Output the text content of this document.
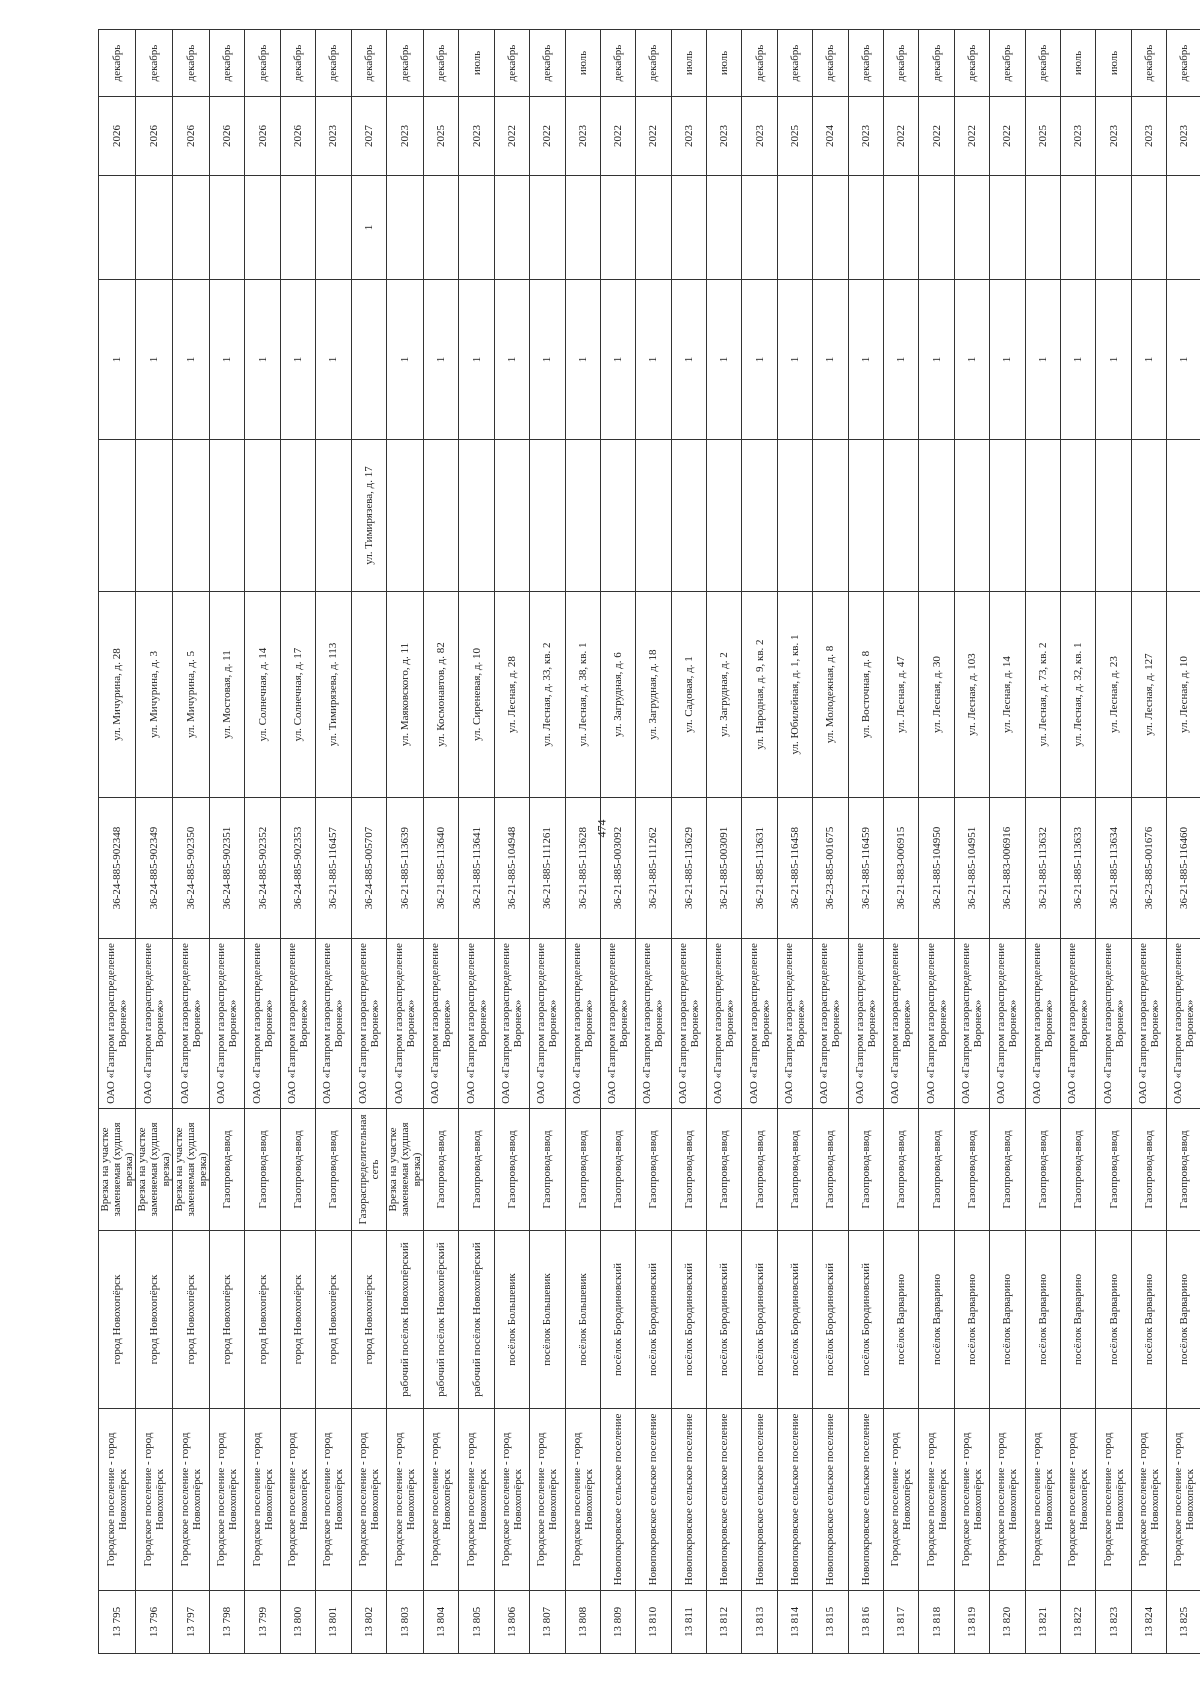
474
13 795	Городское поселение - город Новохопёрск	город Новохопёрск	Врезка на участке заменяемая (худшая врезка)	ОАО «Газпром газораспределение Воронеж»	36-24-885-902348	ул. Мичурина, д. 28		1		2026	декабрь
13 796	Городское поселение - город Новохопёрск	город Новохопёрск	Врезка на участке заменяемая (худшая врезка)	ОАО «Газпром газораспределение Воронеж»	36-24-885-902349	ул. Мичурина, д. 3		1		2026	декабрь
13 797	Городское поселение - город Новохопёрск	город Новохопёрск	Врезка на участке заменяемая (худшая врезка)	ОАО «Газпром газораспределение Воронеж»	36-24-885-902350	ул. Мичурина, д. 5		1		2026	декабрь
13 798	Городское поселение - город Новохопёрск	город Новохопёрск	Газопровод-ввод	ОАО «Газпром газораспределение Воронеж»	36-24-885-902351	ул. Мостовая, д. 11		1		2026	декабрь
13 799	Городское поселение - город Новохопёрск	город Новохопёрск	Газопровод-ввод	ОАО «Газпром газораспределение Воронеж»	36-24-885-902352	ул. Солнечная, д. 14		1		2026	декабрь
13 800	Городское поселение - город Новохопёрск	город Новохопёрск	Газопровод-ввод	ОАО «Газпром газораспределение Воронеж»	36-24-885-902353	ул. Солнечная, д. 17		1		2026	декабрь
13 801	Городское поселение - город Новохопёрск	город Новохопёрск	Газопровод-ввод	ОАО «Газпром газораспределение Воронеж»	36-21-885-116457	ул. Тимирязева, д. 113		1		2023	декабрь
13 802	Городское поселение - город Новохопёрск	город Новохопёрск	Газораспределительная сеть	ОАО «Газпром газораспределение Воронеж»	36-24-885-005707		ул. Тимирязева, д. 17		1	2027	декабрь
13 803	Городское поселение - город Новохопёрск	рабочий посёлок Новохопёрский	Врезка на участке заменяемая (худшая врезка)	ОАО «Газпром газораспределение Воронеж»	36-21-885-113639	ул. Маяковского, д. 11		1		2023	декабрь
13 804	Городское поселение - город Новохопёрск	рабочий посёлок Новохопёрский	Газопровод-ввод	ОАО «Газпром газораспределение Воронеж»	36-21-885-113640	ул. Космонавтов, д. 82		1		2025	декабрь
13 805	Городское поселение - город Новохопёрск	рабочий посёлок Новохопёрский	Газопровод-ввод	ОАО «Газпром газораспределение Воронеж»	36-21-885-113641	ул. Сиреневая, д. 10		1		2023	июль
13 806	Городское поселение - город Новохопёрск	посёлок Большевик	Газопровод-ввод	ОАО «Газпром газораспределение Воронеж»	36-21-885-104948	ул. Лесная, д. 28		1		2022	декабрь
13 807	Городское поселение - город Новохопёрск	посёлок Большевик	Газопровод-ввод	ОАО «Газпром газораспределение Воронеж»	36-21-885-111261	ул. Лесная, д. 33, кв. 2		1		2022	декабрь
13 808	Городское поселение - город Новохопёрск	посёлок Большевик	Газопровод-ввод	ОАО «Газпром газораспределение Воронеж»	36-21-885-113628	ул. Лесная, д. 38, кв. 1		1		2023	июль
13 809	Новопокровское сельское поселение	посёлок Бородиновский	Газопровод-ввод	ОАО «Газпром газораспределение Воронеж»	36-21-885-003092	ул. Загрудная, д. 6		1		2022	декабрь
13 810	Новопокровское сельское поселение	посёлок Бородиновский	Газопровод-ввод	ОАО «Газпром газораспределение Воронеж»	36-21-885-111262	ул. Загрудная, д. 18		1		2022	декабрь
13 811	Новопокровское сельское поселение	посёлок Бородиновский	Газопровод-ввод	ОАО «Газпром газораспределение Воронеж»	36-21-885-113629	ул. Садовая, д. 1		1		2023	июль
13 812	Новопокровское сельское поселение	посёлок Бородиновский	Газопровод-ввод	ОАО «Газпром газораспределение Воронеж»	36-21-885-003091	ул. Загрудная, д. 2		1		2023	июль
13 813	Новопокровское сельское поселение	посёлок Бородиновский	Газопровод-ввод	ОАО «Газпром газораспределение Воронеж»	36-21-885-113631	ул. Народная, д. 9, кв. 2		1		2023	декабрь
13 814	Новопокровское сельское поселение	посёлок Бородиновский	Газопровод-ввод	ОАО «Газпром газораспределение Воронеж»	36-21-885-116458	ул. Юбилейная, д. 1, кв. 1		1		2025	декабрь
13 815	Новопокровское сельское поселение	посёлок Бородиновский	Газопровод-ввод	ОАО «Газпром газораспределение Воронеж»	36-23-885-001675	ул. Молодежная, д. 8		1		2024	декабрь
13 816	Новопокровское сельское поселение	посёлок Бородиновский	Газопровод-ввод	ОАО «Газпром газораспределение Воронеж»	36-21-885-116459	ул. Восточная, д. 8		1		2023	декабрь
13 817	Городское поселение - город Новохопёрск	посёлок Варварино	Газопровод-ввод	ОАО «Газпром газораспределение Воронеж»	36-21-883-006915	ул. Лесная, д. 47		1		2022	декабрь
13 818	Городское поселение - город Новохопёрск	посёлок Варварино	Газопровод-ввод	ОАО «Газпром газораспределение Воронеж»	36-21-885-104950	ул. Лесная, д. 30		1		2022	декабрь
13 819	Городское поселение - город Новохопёрск	посёлок Варварино	Газопровод-ввод	ОАО «Газпром газораспределение Воронеж»	36-21-885-104951	ул. Лесная, д. 103		1		2022	декабрь
13 820	Городское поселение - город Новохопёрск	посёлок Варварино	Газопровод-ввод	ОАО «Газпром газораспределение Воронеж»	36-21-883-006916	ул. Лесная, д. 14		1		2022	декабрь
13 821	Городское поселение - город Новохопёрск	посёлок Варварино	Газопровод-ввод	ОАО «Газпром газораспределение Воронеж»	36-21-885-113632	ул. Лесная, д. 73, кв. 2		1		2025	декабрь
13 822	Городское поселение - город Новохопёрск	посёлок Варварино	Газопровод-ввод	ОАО «Газпром газораспределение Воронеж»	36-21-885-113633	ул. Лесная, д. 32, кв. 1		1		2023	июль
13 823	Городское поселение - город Новохопёрск	посёлок Варварино	Газопровод-ввод	ОАО «Газпром газораспределение Воронеж»	36-21-885-113634	ул. Лесная, д. 23		1		2023	июль
13 824	Городское поселение - город Новохопёрск	посёлок Варварино	Газопровод-ввод	ОАО «Газпром газораспределение Воронеж»	36-23-885-001676	ул. Лесная, д. 127		1		2023	декабрь
13 825	Городское поселение - город Новохопёрск	посёлок Варварино	Газопровод-ввод	ОАО «Газпром газораспределение Воронеж»	36-21-885-116460	ул. Лесная, д. 10		1		2023	декабрь
